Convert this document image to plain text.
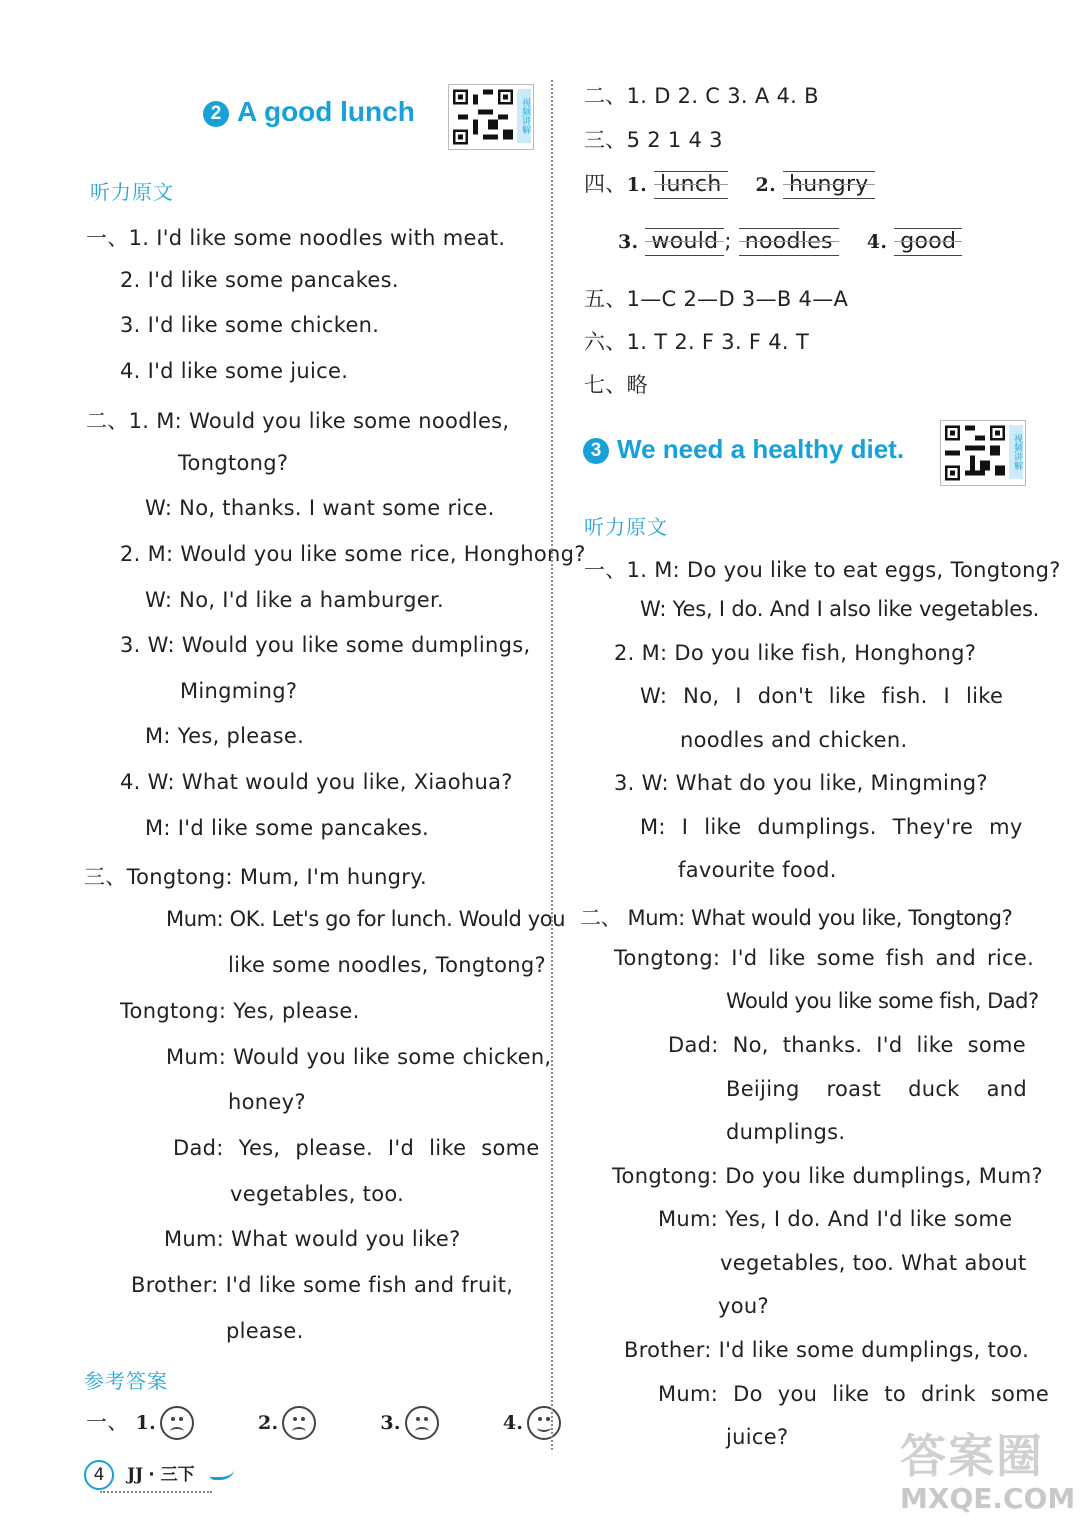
2 A good lunch	视频讲解
听力原文
一、1. I'd like some noodles with meat.
2. I'd like some pancakes.
3. I'd like some chicken.
4. I'd like some juice.
二、1. M: Would you like some noodles,
Tongtong?
W: No, thanks. I want some rice.
2. M: Would you like some rice, Honghong?
W: No, I'd like a hamburger.
3. W: Would you like some dumplings,
Mingming?
M: Yes, please.
4. W: What would you like, Xiaohua?
M: I'd like some pancakes.
三、Tongtong: Mum, I'm hungry.
Mum: OK. Let's go for lunch. Would you
like some noodles, Tongtong?
Tongtong: Yes, please.
Mum: Would you like some chicken,
honey?
Dad: Yes, please. I'd like some
vegetables, too.
Mum: What would you like?
Brother: I'd like some fish and fruit,
please.
参考答案
一、 1.	2.	3.	4.
二、1. D 2. C 3. A 4. B
三、5 2 1 4 3
四、1. lunch 2. hungry
3. would ; noodles 4. good
五、1—C 2—D 3—B 4—A
六、1. T 2. F 3. F 4. T
七、略
3 We need a healthy diet.	视频讲解
听力原文
一、1. M: Do you like to eat eggs, Tongtong?
W: Yes, I do. And I also like vegetables.
2. M: Do you like fish, Honghong?
W: No, I don't like fish. I like
noodles and chicken.
3. W: What do you like, Mingming?
M: I like dumplings. They're my
favourite food.
二、 Mum: What would you like, Tongtong?
Tongtong: I'd like some fish and rice.
Would you like some fish, Dad?
Dad: No, thanks. I'd like some
Beijing roast duck and
dumplings.
Tongtong: Do you like dumplings, Mum?
Mum: Yes, I do. And I'd like some
vegetables, too. What about
you?
Brother: I'd like some dumplings, too.
Mum: Do you like to drink some
juice?
4 JJ · 三下	答案圈
MXQE.COM
